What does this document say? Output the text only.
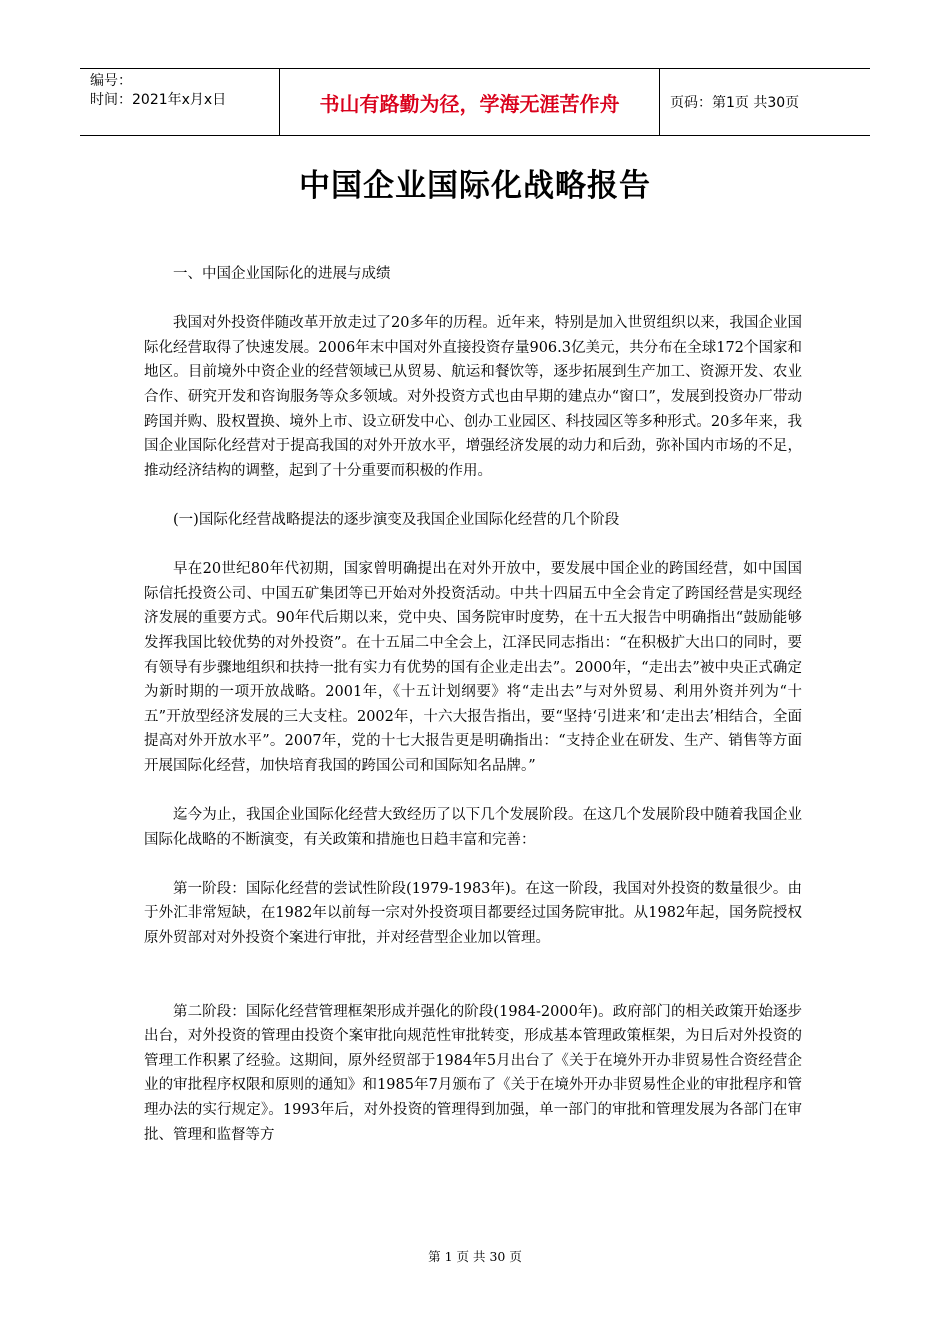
编号：
时间：2021年x月x日	书山有路勤为径，学海无涯苦作舟	页码：第1页 共30页
中国企业国际化战略报告

一、中国企业国际化的进展与成绩

我国对外投资伴随改革开放走过了20多年的历程。近年来，特别是加入世贸组织以来，我国企业国际化经营取得了快速发展。2006年末中国对外直接投资存量906.3亿美元，共分布在全球172个国家和地区。目前境外中资企业的经营领域已从贸易、航运和餐饮等，逐步拓展到生产加工、资源开发、农业合作、研究开发和咨询服务等众多领域。对外投资方式也由早期的建点办“窗口”，发展到投资办厂带动跨国并购、股权置换、境外上市、设立研发中心、创办工业园区、科技园区等多种形式。20多年来，我国企业国际化经营对于提高我国的对外开放水平，增强经济发展的动力和后劲，弥补国内市场的不足，推动经济结构的调整，起到了十分重要而积极的作用。

(一)国际化经营战略提法的逐步演变及我国企业国际化经营的几个阶段

早在20世纪80年代初期，国家曾明确提出在对外开放中，要发展中国企业的跨国经营，如中国国际信托投资公司、中国五矿集团等已开始对外投资活动。中共十四届五中全会肯定了跨国经营是实现经济发展的重要方式。90年代后期以来，党中央、国务院审时度势，在十五大报告中明确指出“鼓励能够发挥我国比较优势的对外投资”。在十五届二中全会上，江泽民同志指出：“在积极扩大出口的同时，要有领导有步骤地组织和扶持一批有实力有优势的国有企业走出去”。2000年，“走出去”被中央正式确定为新时期的一项开放战略。2001年，《十五计划纲要》将“走出去”与对外贸易、利用外资并列为“十五”开放型经济发展的三大支柱。2002年，十六大报告指出，要“坚持‘引进来’和‘走出去’相结合，全面提高对外开放水平”。2007年，党的十七大报告更是明确指出：“支持企业在研发、生产、销售等方面开展国际化经营，加快培育我国的跨国公司和国际知名品牌。”

迄今为止，我国企业国际化经营大致经历了以下几个发展阶段。在这几个发展阶段中随着我国企业国际化战略的不断演变，有关政策和措施也日趋丰富和完善：

第一阶段：国际化经营的尝试性阶段(1979-1983年)。在这一阶段，我国对外投资的数量很少。由于外汇非常短缺，在1982年以前每一宗对外投资项目都要经过国务院审批。从1982年起，国务院授权原外贸部对对外投资个案进行审批，并对经营型企业加以管理。

第二阶段：国际化经营管理框架形成并强化的阶段(1984-2000年)。政府部门的相关政策开始逐步出台，对外投资的管理由投资个案审批向规范性审批转变，形成基本管理政策框架，为日后对外投资的管理工作积累了经验。这期间，原外经贸部于1984年5月出台了《关于在境外开办非贸易性合资经营企业的审批程序权限和原则的通知》和1985年7月颁布了《关于在境外开办非贸易性企业的审批程序和管理办法的实行规定》。1993年后，对外投资的管理得到加强，单一部门的审批和管理发展为各部门在审批、管理和监督等方

第 1 页 共 30 页
